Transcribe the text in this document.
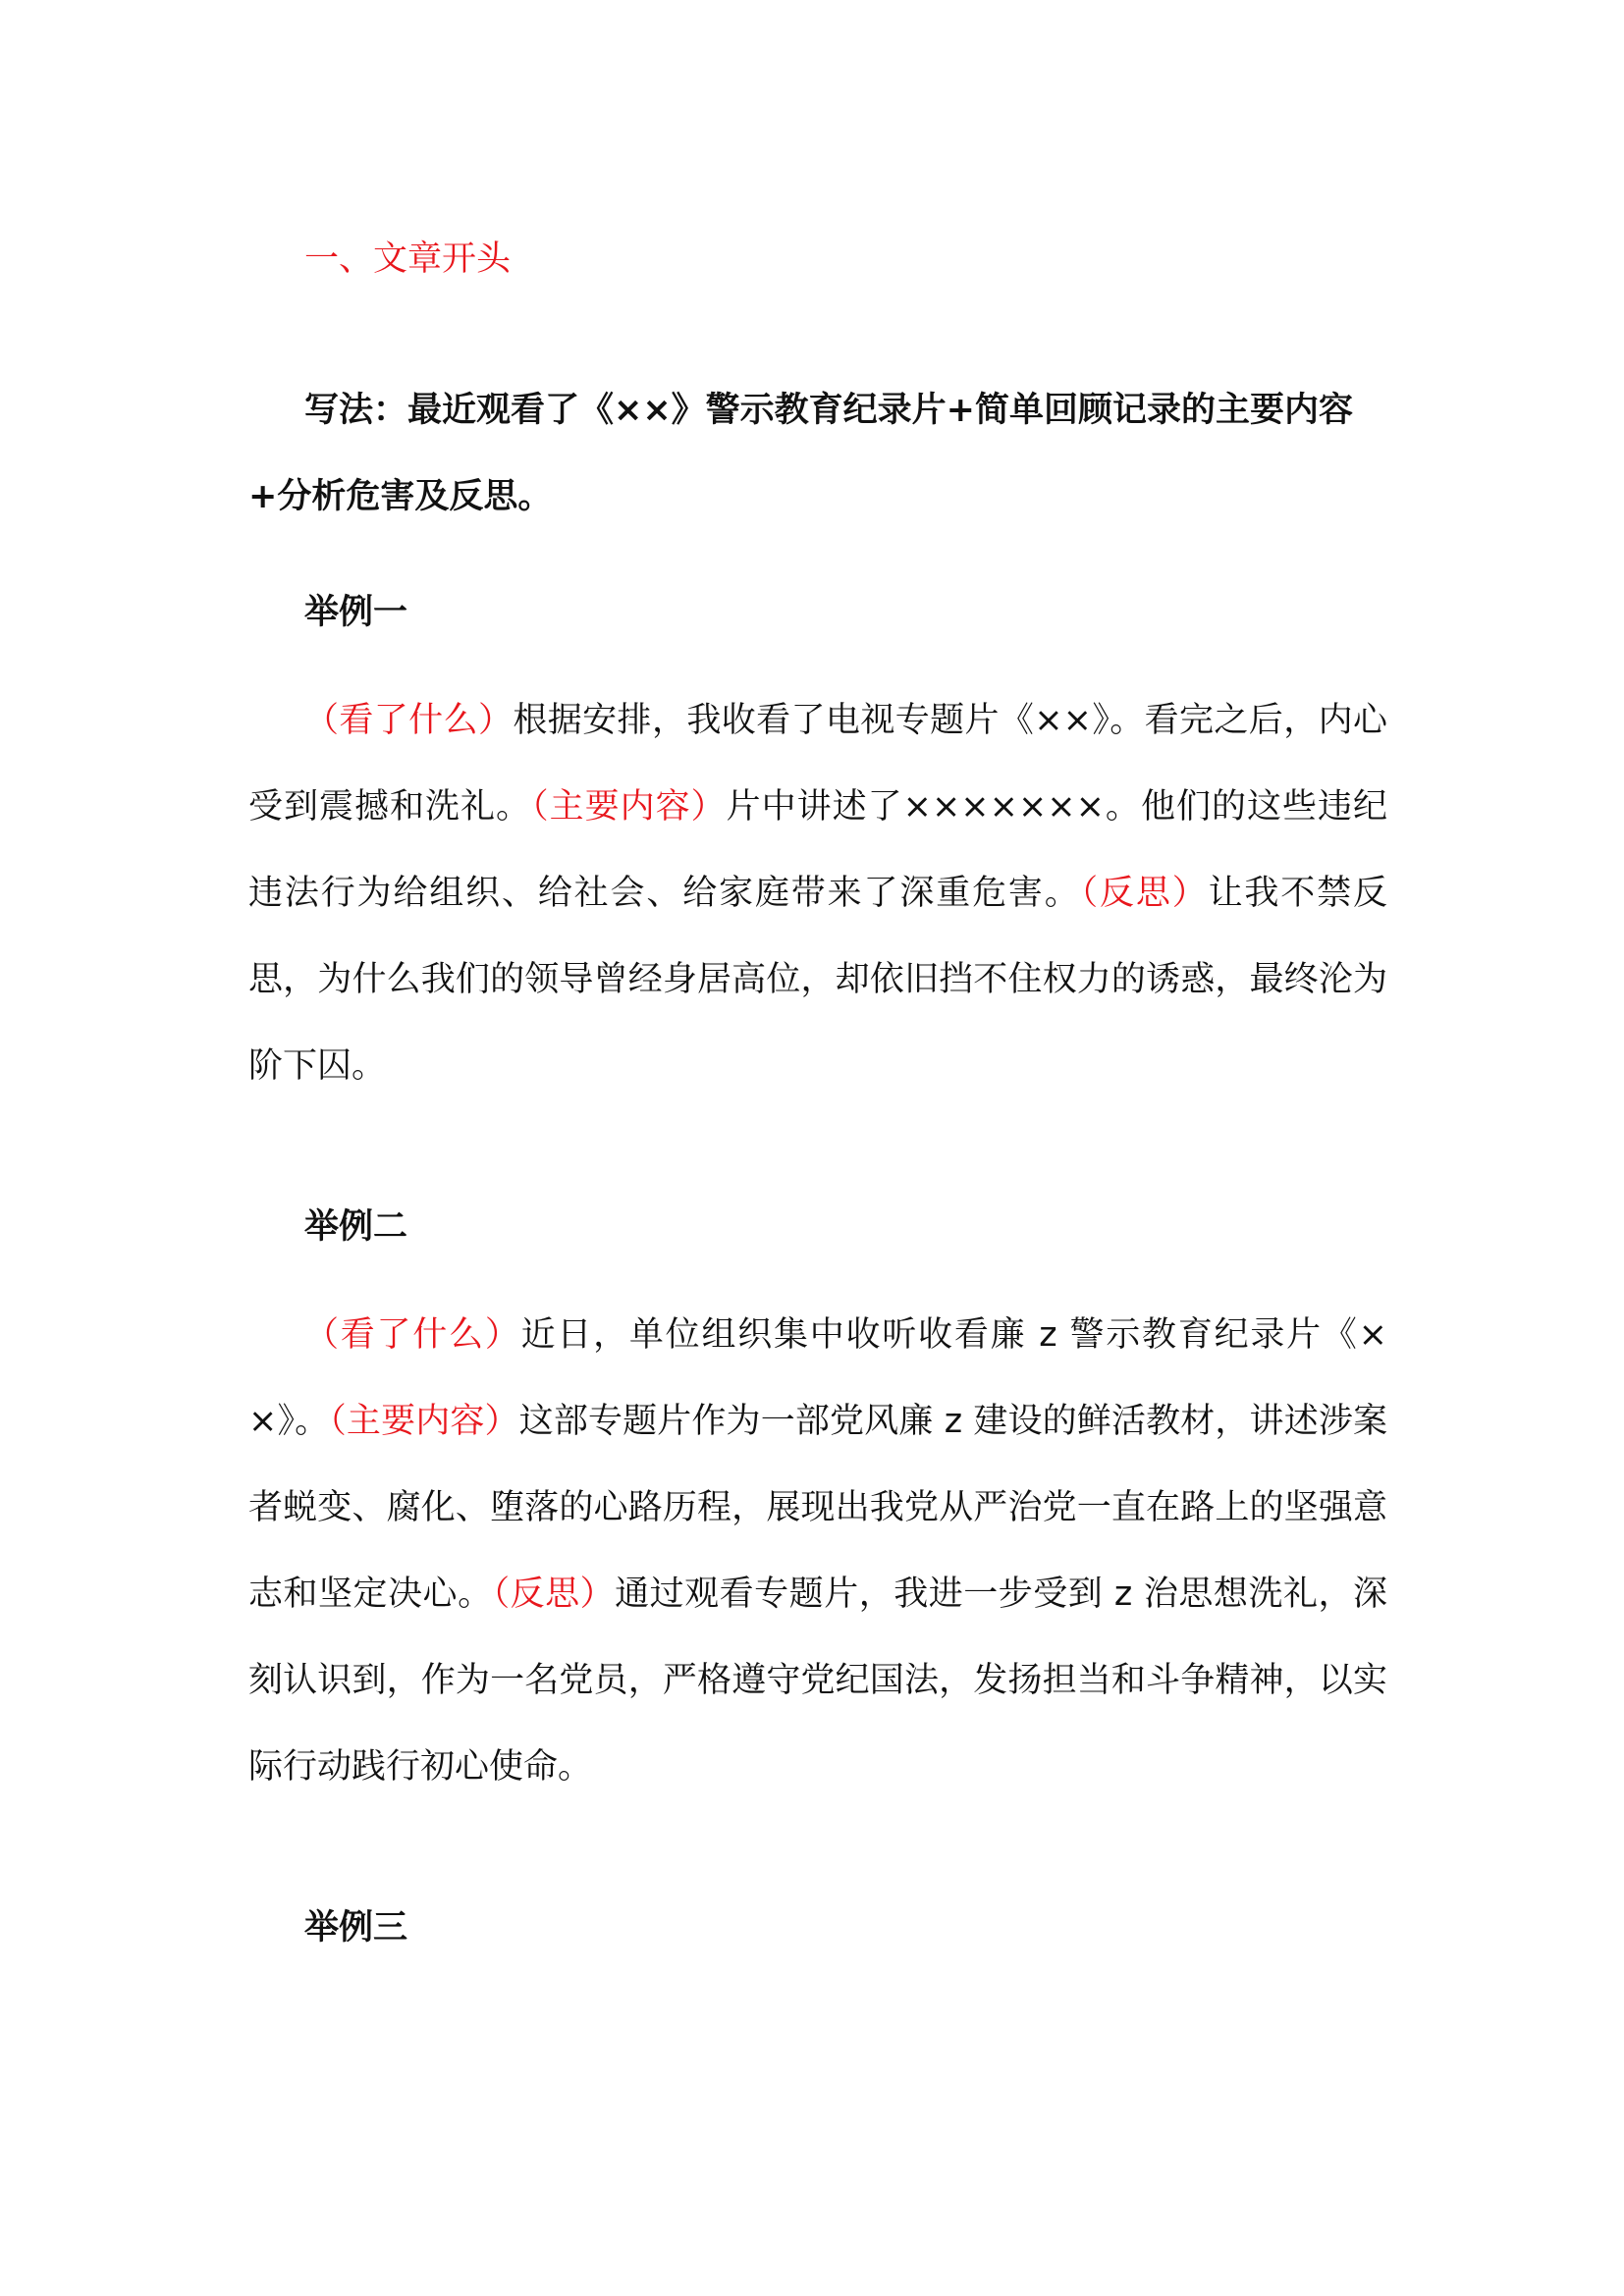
一、文章开头
写法：最近观看了《××》警示教育纪录片+简单回顾记录的主要内容+分析危害及反思。
举例一
（看了什么）根据安排，我收看了电视专题片《××》。看完之后，内心受到震撼和洗礼。（主要内容）片中讲述了×××××××。他们的这些违纪违法行为给组织、给社会、给家庭带来了深重危害。（反思）让我不禁反思，为什么我们的领导曾经身居高位，却依旧挡不住权力的诱惑，最终沦为阶下囚。
举例二
（看了什么）近日，单位组织集中收听收看廉 z 警示教育纪录片《××》。（主要内容）这部专题片作为一部党风廉 z 建设的鲜活教材，讲述涉案者蜕变、腐化、堕落的心路历程，展现出我党从严治党一直在路上的坚强意志和坚定决心。（反思）通过观看专题片，我进一步受到 z 治思想洗礼，深刻认识到，作为一名党员，严格遵守党纪国法，发扬担当和斗争精神，以实际行动践行初心使命。
举例三
